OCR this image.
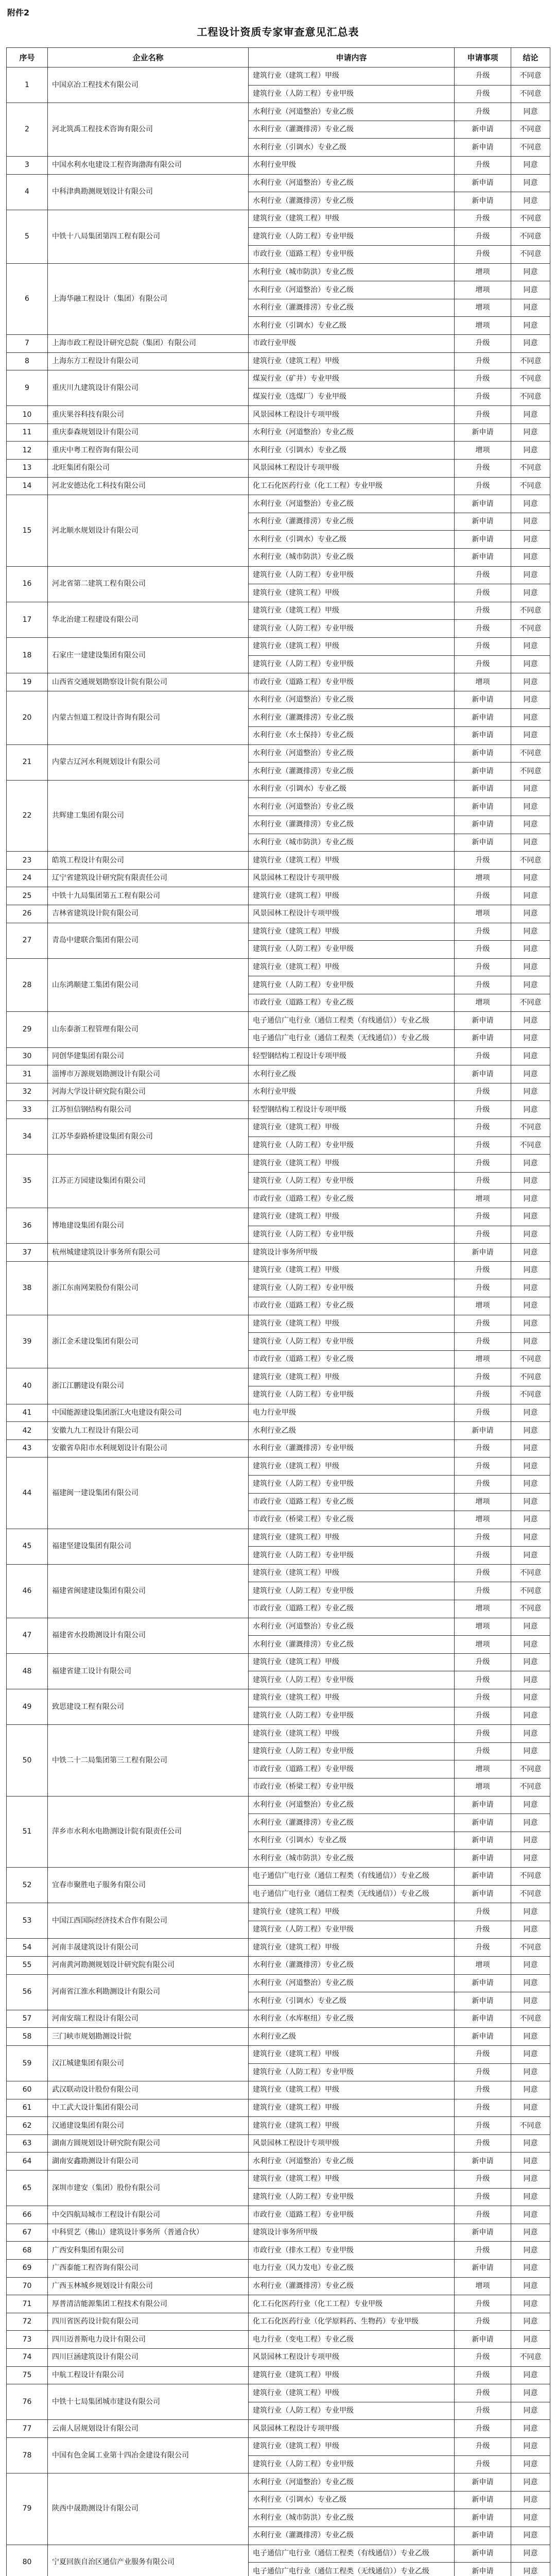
附件2
工程设计资质专家审查意见汇总表
序号	企业名称	申请内容	申请事项	结论
1	中国京冶工程技术有限公司	建筑行业（建筑工程）甲级	升级	不同意
		建筑行业（人防工程）专业甲级	升级	不同意
2	河北筑禹工程技术咨询有限公司	水利行业（河道整治）专业乙级	升级	同意
		水利行业（灌溉排涝）专业乙级	新申请	不同意
		水利行业（引调水）专业乙级	新申请	不同意
3	中国水利水电建设工程咨询渤海有限公司	水利行业甲级	升级	同意
4	中科津典勘测规划设计有限公司	水利行业（河道整治）专业乙级	新申请	同意
		水利行业（灌溉排涝）专业乙级	新申请	同意
5	中铁十八局集团第四工程有限公司	建筑行业（建筑工程）甲级	升级	不同意
		建筑行业（人防工程）专业甲级	升级	不同意
		市政行业（道路工程）专业甲级	升级	不同意
6	上海华融工程设计（集团）有限公司	水利行业（城市防洪）专业乙级	增项	同意
		水利行业（河道整治）专业乙级	增项	同意
		水利行业（灌溉排涝）专业乙级	增项	同意
		水利行业（引调水）专业乙级	增项	同意
7	上海市政工程设计研究总院（集团）有限公司	市政行业甲级	升级	同意
8	上海东方工程设计有限公司	建筑行业（建筑工程）甲级	升级	不同意
9	重庆川九建筑设计有限公司	煤炭行业（矿井）专业甲级	升级	不同意
		煤炭行业（选煤厂）专业甲级	升级	不同意
10	重庆果谷科技有限公司	风景园林工程设计专项甲级	升级	同意
11	重庆泰森规划设计有限公司	水利行业（河道整治）专业乙级	新申请	同意
12	重庆中粤工程咨询有限公司	水利行业（引调水）专业乙级	增项	同意
13	北旺集团有限公司	风景园林工程设计专项甲级	升级	不同意
14	河北安德达化工科技有限公司	化工石化医药行业（化工工程）专业甲级	升级	不同意
15	河北顺水规划设计有限公司	水利行业（河道整治）专业乙级	新申请	同意
		水利行业（灌溉排涝）专业乙级	新申请	同意
		水利行业（引调水）专业乙级	新申请	同意
		水利行业（城市防洪）专业乙级	新申请	同意
16	河北省第二建筑工程有限公司	建筑行业（人防工程）专业甲级	升级	同意
		建筑行业（建筑工程）甲级	升级	同意
17	华北治建工程建设有限公司	建筑行业（建筑工程）甲级	升级	不同意
		建筑行业（人防工程）专业甲级	升级	不同意
18	石家庄一建建设集团有限公司	建筑行业（建筑工程）甲级	升级	同意
		建筑行业（人防工程）专业甲级	升级	同意
19	山西省交通规划勘察设计院有限公司	市政行业（道路工程）专业甲级	增项	同意
20	内蒙古恒道工程设计咨询有限公司	水利行业（河道整治）专业乙级	新申请	同意
		水利行业（灌溉排涝）专业乙级	新申请	同意
		水利行业（水土保持）专业乙级	新申请	同意
21	内蒙古辽河水利规划设计有限公司	水利行业（河道整治）专业乙级	新申请	不同意
		水利行业（灌溉排涝）专业乙级	新申请	不同意
22	共辉建工集团有限公司	水利行业（引调水）专业乙级	新申请	同意
		水利行业（河道整治）专业乙级	新申请	同意
		水利行业（灌溉排涝）专业乙级	新申请	同意
		水利行业（城市防洪）专业乙级	新申请	同意
23	皓筑工程设计有限公司	建筑行业（建筑工程）甲级	升级	不同意
24	辽宁省建筑设计研究院有限责任公司	风景园林工程设计专项甲级	增项	同意
25	中铁十九局集团第五工程有限公司	建筑行业（建筑工程）甲级	升级	同意
26	吉林省建筑设计院有限公司	风景园林工程设计专项甲级	增项	同意
27	青岛中建联合集团有限公司	建筑行业（建筑工程）甲级	升级	同意
		建筑行业（人防工程）专业甲级	升级	同意
28	山东鸿顺建工集团有限公司	建筑行业（建筑工程）甲级	升级	同意
		建筑行业（人防工程）专业甲级	升级	同意
		市政行业（道路工程）专业乙级	增项	不同意
29	山东泰浙工程管理有限公司	电子通信广电行业（通信工程类（有线通信））专业乙级	新申请	同意
		电子通信广电行业（通信工程类（无线通信））专业乙级	新申请	同意
30	同创华建集团有限公司	轻型钢结构工程设计专项甲级	升级	同意
31	淄博市万源规划勘测设计有限公司	水利行业乙级	新申请	同意
32	河海大学设计研究院有限公司	水利行业甲级	升级	同意
33	江苏恒信钢结构有限公司	轻型钢结构工程设计专项甲级	升级	同意
34	江苏华泰路桥建设集团有限公司	建筑行业（建筑工程）甲级	升级	不同意
		建筑行业（人防工程）专业甲级	升级	不同意
35	江苏正方园建设集团有限公司	建筑行业（建筑工程）甲级	升级	同意
		建筑行业（人防工程）专业甲级	升级	同意
		市政行业（道路工程）专业乙级	增项	同意
36	博地建设集团有限公司	建筑行业（建筑工程）甲级	升级	同意
		建筑行业（人防工程）专业甲级	升级	同意
37	杭州城建建筑设计事务所有限公司	建筑设计事务所甲级	新申请	同意
38	浙江东南网架股份有限公司	建筑行业（建筑工程）甲级	升级	同意
		建筑行业（人防工程）专业甲级	升级	同意
		市政行业（道路工程）专业乙级	增项	同意
39	浙江金禾建设集团有限公司	建筑行业（建筑工程）甲级	升级	同意
		建筑行业（人防工程）专业甲级	升级	同意
		市政行业（道路工程）专业乙级	增项	不同意
40	浙江江鹏建设有限公司	建筑行业（建筑工程）甲级	升级	不同意
		建筑行业（人防工程）专业甲级	升级	不同意
41	中国能源建设集团浙江火电建设有限公司	电力行业甲级	升级	同意
42	安徽九九工程设计有限公司	水利行业乙级	新申请	同意
43	安徽省阜阳市水利规划设计有限公司	水利行业（灌溉排涝）专业甲级	升级	同意
44	福建闽一建设集团有限公司	建筑行业（建筑工程）甲级	升级	同意
		建筑行业（人防工程）专业甲级	升级	同意
		市政行业（道路工程）专业乙级	增项	同意
		市政行业（桥梁工程）专业乙级	增项	同意
45	福建坚建设集团有限公司	建筑行业（建筑工程）甲级	升级	同意
		建筑行业（人防工程）专业甲级	升级	同意
46	福建省闽建建设集团有限公司	建筑行业（建筑工程）甲级	升级	不同意
		建筑行业（人防工程）专业甲级	升级	不同意
		市政行业（道路工程）专业乙级	增项	不同意
47	福建省水投勘测设计有限公司	水利行业（河道整治）专业乙级	增项	同意
		水利行业（灌溉排涝）专业乙级	增项	同意
48	福建省建工设计有限公司	建筑行业（建筑工程）甲级	升级	同意
		建筑行业（人防工程）专业甲级	升级	同意
49	致思建设工程有限公司	建筑行业（建筑工程）甲级	升级	同意
		建筑行业（人防工程）专业甲级	升级	同意
50	中铁二十二局集团第三工程有限公司	建筑行业（建筑工程）甲级	升级	同意
		建筑行业（人防工程）专业甲级	升级	同意
		市政行业（道路工程）专业甲级	增项	不同意
		市政行业（桥梁工程）专业甲级	增项	不同意
51	萍乡市水利水电勘测设计院有限责任公司	水利行业（河道整治）专业乙级	新申请	同意
		水利行业（灌溉排涝）专业乙级	新申请	同意
		水利行业（引调水）专业乙级	新申请	同意
		水利行业（城市防洪）专业乙级	新申请	同意
52	宜春市聚胜电子服务有限公司	电子通信广电行业（通信工程类（有线通信））专业乙级	新申请	不同意
		电子通信广电行业（通信工程类（无线通信））专业乙级	新申请	不同意
53	中国江西国际经济技术合作有限公司	建筑行业（建筑工程）甲级	升级	同意
		建筑行业（人防工程）专业甲级	升级	同意
54	河南丰晟建筑设计有限公司	建筑行业（建筑工程）甲级	升级	不同意
55	河南黄河勘测规划设计研究院有限公司	水利行业（灌溉排涝）专业乙级	增项	同意
56	河南省江淮水利勘测设计有限公司	水利行业（河道整治）专业乙级	新申请	同意
		水利行业（引调水）专业乙级	新申请	同意
57	河南安瑞工程设计有限公司	水利行业（水库枢纽）专业乙级	新申请	不同意
58	三门峡市规划勘测设计院	水利行业乙级	新申请	同意
59	汉江城建集团有限公司	建筑行业（建筑工程）甲级	升级	同意
		建筑行业（人防工程）专业甲级	升级	同意
60	武汉联动设计股份有限公司	建筑行业（建筑工程）甲级	升级	同意
61	中工武大设计集团有限公司	建筑行业（建筑工程）甲级	升级	同意
62	汉通建设集团有限公司	建筑行业（建筑工程）甲级	升级	不同意
63	湖南方圆规划设计研究院有限公司	风景园林工程设计专项甲级	升级	同意
64	湖南安鑫勘测设计有限公司	水利行业（河道整治）专业乙级	新申请	同意
65	深圳市建安（集团）股份有限公司	建筑行业（建筑工程）甲级	升级	同意
		建筑行业（人防工程）专业甲级	升级	同意
66	中交四航局城市工程设计有限公司	市政行业（道路工程）专业甲级	升级	同意
67	中科贸艺（佛山）建筑设计事务所（普通合伙）	建筑设计事务所甲级	新申请	同意
68	广西安科集团有限公司	市政行业（排水工程）专业甲级	升级	同意
69	广西泰能工程咨询有限公司	电力行业（风力发电）专业乙级	新申请	同意
70	广西玉林城乡规划设计有限公司	水利行业（灌溉排涝）专业乙级	增项	同意
71	厚普清洁能源集团工程技术有限公司	化工石化医药行业（化工工程）专业甲级	升级	同意
72	四川省医药设计院有限公司	化工石化医药行业（化学原料药、生物药）专业甲级	升级	同意
73	四川迈普斯电力设计有限公司	电力行业（变电工程）专业乙级	新申请	同意
74	四川巨涵建筑设计有限公司	风景园林工程设计专项甲级	升级	不同意
75	中航工程设计有限公司	建筑行业（建筑工程）甲级	升级	同意
76	中铁十七局集团城市建设有限公司	建筑行业（建筑工程）甲级	升级	同意
		建筑行业（人防工程）专业甲级	升级	同意
77	云南人居规划设计有限公司	风景园林工程设计专项甲级	升级	同意
78	中国有色金属工业第十四冶金建设有限公司	建筑行业（建筑工程）甲级	升级	同意
		建筑行业（人防工程）专业甲级	升级	同意
79	陕西中晟勘测设计有限公司	水利行业（河道整治）专业乙级	新申请	同意
		水利行业（引调水）专业乙级	新申请	同意
		水利行业（城市防洪）专业乙级	新申请	同意
		水利行业（灌溉排涝）专业乙级	新申请	同意
80	宁夏回族自治区通信产业服务有限公司	电子通信广电行业（通信工程类（有线通信））专业乙级	新申请	同意
		电子通信广电行业（通信工程类（无线通信））专业乙级	新申请	同意
